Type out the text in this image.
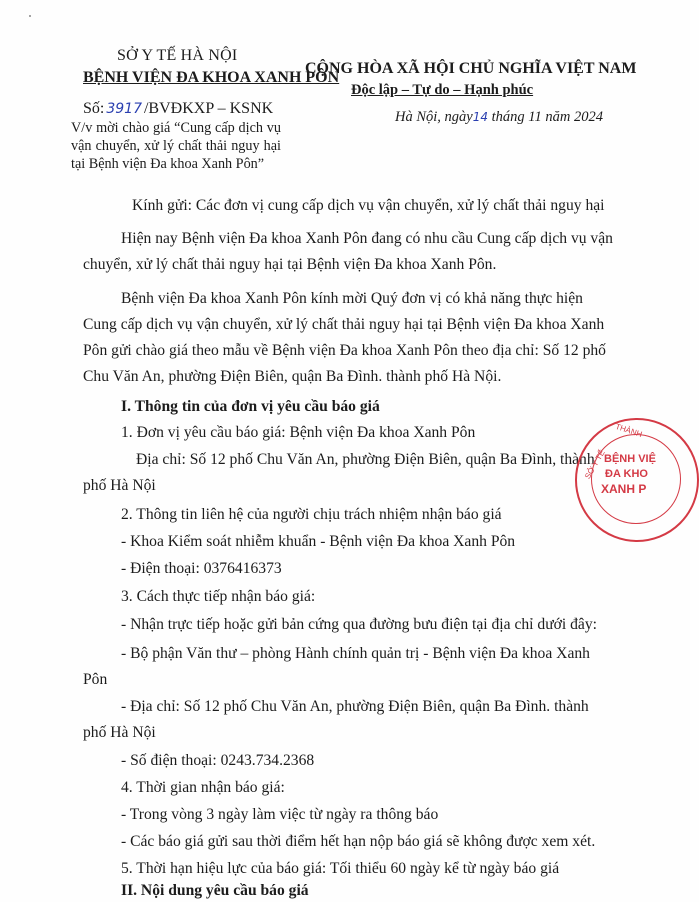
SỞ Y TẾ HÀ NỘI
BỆNH VIỆN ĐA KHOA XANH PÔN
Số: 3917 /BVĐKXP – KSNK
V/v mời chào giá “Cung cấp dịch vụ vận chuyển, xử lý chất thải nguy hại tại Bệnh viện Đa khoa Xanh Pôn”
CỘNG HÒA XÃ HỘI CHỦ NGHĨA VIỆT NAM
Độc lập – Tự do – Hạnh phúc
Hà Nội, ngày14 tháng 11 năm 2024
Kính gửi: Các đơn vị cung cấp dịch vụ vận chuyển, xử lý chất thải nguy hại
Hiện nay Bệnh viện Đa khoa Xanh Pôn đang có nhu cầu Cung cấp dịch vụ vận
chuyển, xử lý chất thải nguy hại tại Bệnh viện Đa khoa Xanh Pôn.
Bệnh viện Đa khoa Xanh Pôn kính mời Quý đơn vị có khả năng thực hiện
Cung cấp dịch vụ vận chuyển, xử lý chất thải nguy hại tại Bệnh viện Đa khoa Xanh
Pôn gửi chào giá theo mẫu về Bệnh viện Đa khoa Xanh Pôn theo địa chỉ: Số 12 phố
Chu Văn An, phường Điện Biên, quận Ba Đình. thành phố Hà Nội.
I. Thông tin của đơn vị yêu cầu báo giá
1. Đơn vị yêu cầu báo giá: Bệnh viện Đa khoa Xanh Pôn
Địa chỉ: Số 12 phố Chu Văn An, phường Điện Biên, quận Ba Đình, thành
phố Hà Nội
2. Thông tin liên hệ của người chịu trách nhiệm nhận báo giá
- Khoa Kiểm soát nhiễm khuẩn - Bệnh viện Đa khoa Xanh Pôn
- Điện thoại: 0376416373
3. Cách thực tiếp nhận báo giá:
- Nhận trực tiếp hoặc gửi bản cứng qua đường bưu điện tại địa chỉ dưới đây:
- Bộ phận Văn thư – phòng Hành chính quản trị - Bệnh viện Đa khoa Xanh
Pôn
- Địa chỉ: Số 12 phố Chu Văn An, phường Điện Biên, quận Ba Đình. thành
phố Hà Nội
- Số điện thoại: 0243.734.2368
4. Thời gian nhận báo giá:
- Trong vòng 3 ngày làm việc từ ngày ra thông báo
- Các báo giá gửi sau thời điểm hết hạn nộp báo giá sẽ không được xem xét.
5. Thời hạn hiệu lực của báo giá: Tối thiểu 60 ngày kể từ ngày báo giá
II. Nội dung yêu cầu báo giá
THÀNH
SỞ Y TẾ
BỆNH VIỆ
ĐA KHO
XANH P
